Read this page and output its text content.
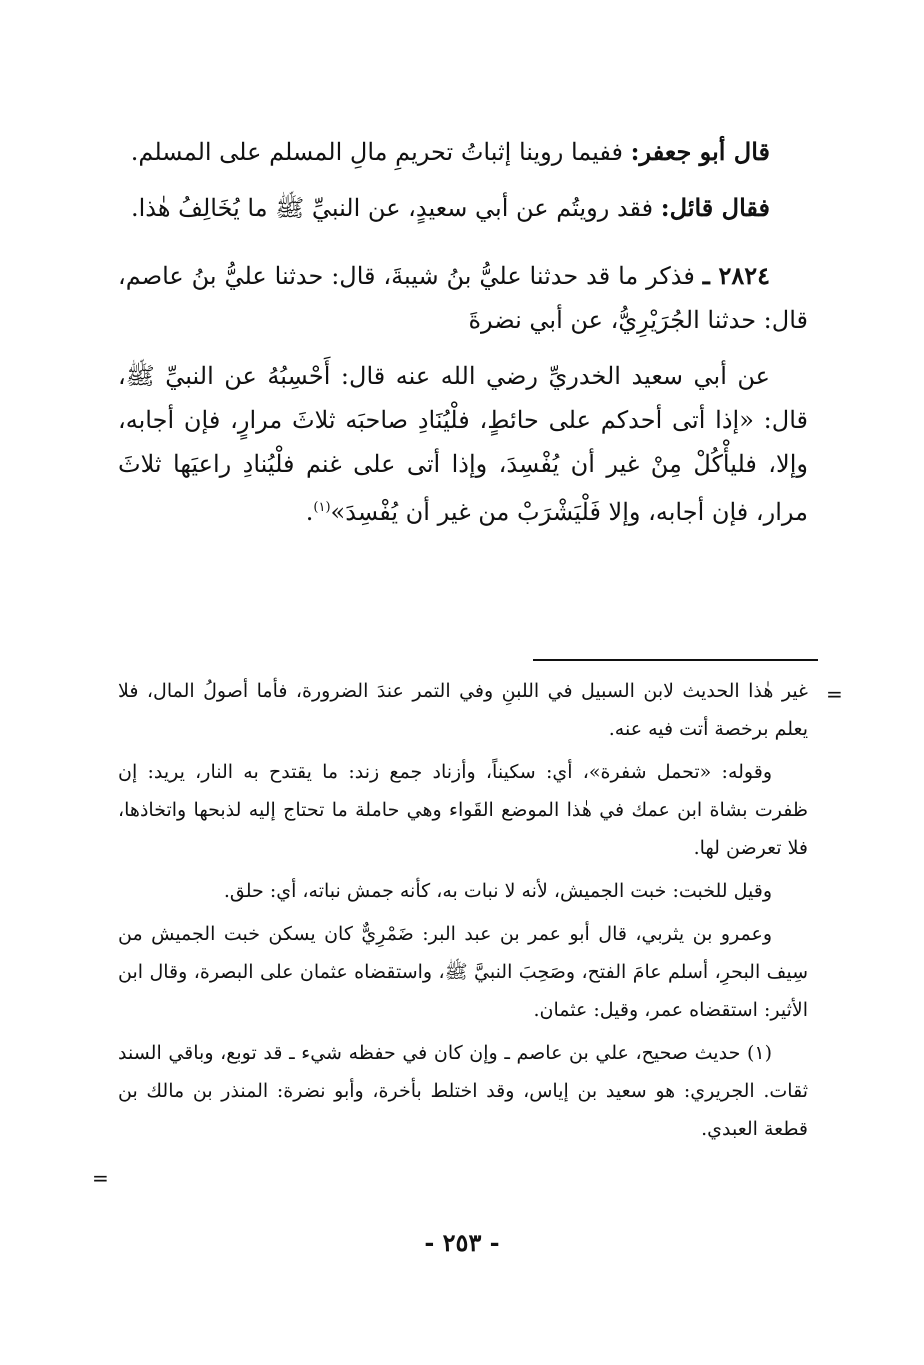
قال أبو جعفر: ففيما روينا إثباتُ تحريمِ مالِ المسلم على المسلم.

فقال قائل: فقد رويتُم عن أبي سعيدٍ، عن النبيِّ ﷺ ما يُخَالِفُ هٰذا.

٢٨٢٤ ـ فذكر ما قد حدثنا عليُّ بنُ شيبةَ، قال: حدثنا عليُّ بنُ عاصم، قال: حدثنا الجُرَيْرِيُّ، عن أبي نضرةَ

عن أبي سعيد الخدريِّ رضي الله عنه قال: أَحْسِبُهُ عن النبيِّ ﷺ، قال: «إذا أتى أحدكم على حائطٍ، فلْيُنَادِ صاحبَه ثلاثَ مرارٍ، فإن أجابه، وإلا، فليأْكُلْ مِنْ غير أن يُفْسِدَ، وإذا أتى على غنم فلْيُنادِ راعيَها ثلاثَ مرار، فإن أجابه، وإلا فَلْيَشْرَبْ من غير أن يُفْسِدَ»$^{(١)}$.

=

غير هٰذا الحديث لابن السبيل في اللبنِ وفي التمر عندَ الضرورة، فأما أصولُ المال، فلا يعلم برخصة أتت فيه عنه.

وقوله: «تحمل شفرة»، أي: سكيناً، وأزناد جمع زند: ما يقتدح به النار، يريد: إن ظفرت بشاة ابن عمك في هٰذا الموضع القَواء وهي حاملة ما تحتاج إليه لذبحها واتخاذها، فلا تعرضن لها.

وقيل للخبت: خبت الجميش، لأنه لا نبات به، كأنه جمش نباته، أي: حلق.

وعمرو بن يثربي، قال أبو عمر بن عبد البر: ضَمْرِيٌّ كان يسكن خبت الجميش من سِيف البحرِ، أسلم عامَ الفتح، وصَحِبَ النبيَّ ﷺ، واستقضاه عثمان على البصرة، وقال ابن الأثير: استقضاه عمر، وقيل: عثمان.

(١) حديث صحيح، علي بن عاصم ـ وإن كان في حفظه شيء ـ قد توبع، وباقي السند ثقات. الجريري: هو سعيد بن إياس، وقد اختلط بأخرة، وأبو نضرة: المنذر بن مالك بن قطعة العبدي.

=
- ٢٥٣ -
